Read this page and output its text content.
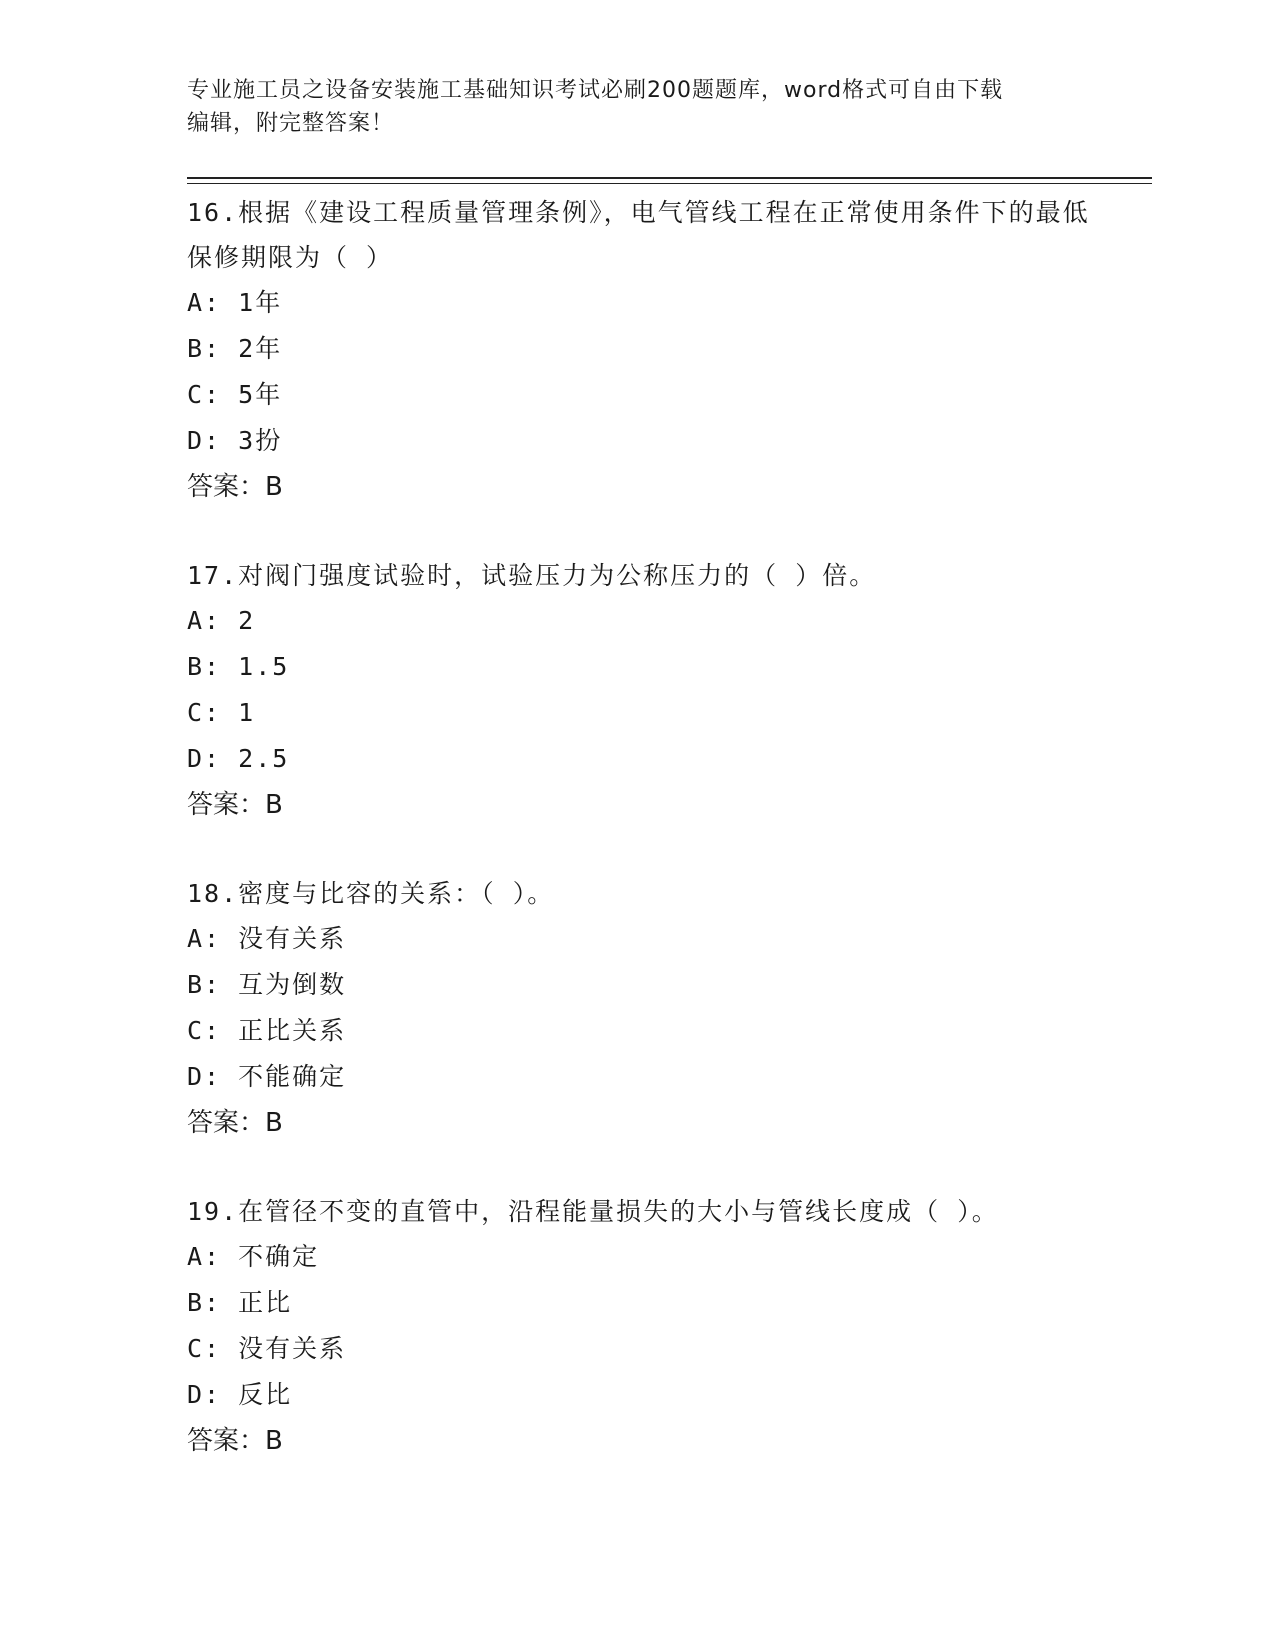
专业施工员之设备安装施工基础知识考试必刷200题题库，word格式可自由下载
编辑，附完整答案！

16.根据《建设工程质量管理条例》，电气管线工程在正常使用条件下的最低保修期限为（ ）

A: 1年
B: 2年
C: 5年
D: 3扮
答案：B

17.对阀门强度试验时，试验压力为公称压力的（ ）倍。

A: 2
B: 1.5
C: 1
D: 2.5
答案：B

18.密度与比容的关系：（ ）。

A: 没有关系
B: 互为倒数
C: 正比关系
D: 不能确定
答案：B

19.在管径不变的直管中，沿程能量损失的大小与管线长度成（ ）。

A: 不确定
B: 正比
C: 没有关系
D: 反比
答案：B
